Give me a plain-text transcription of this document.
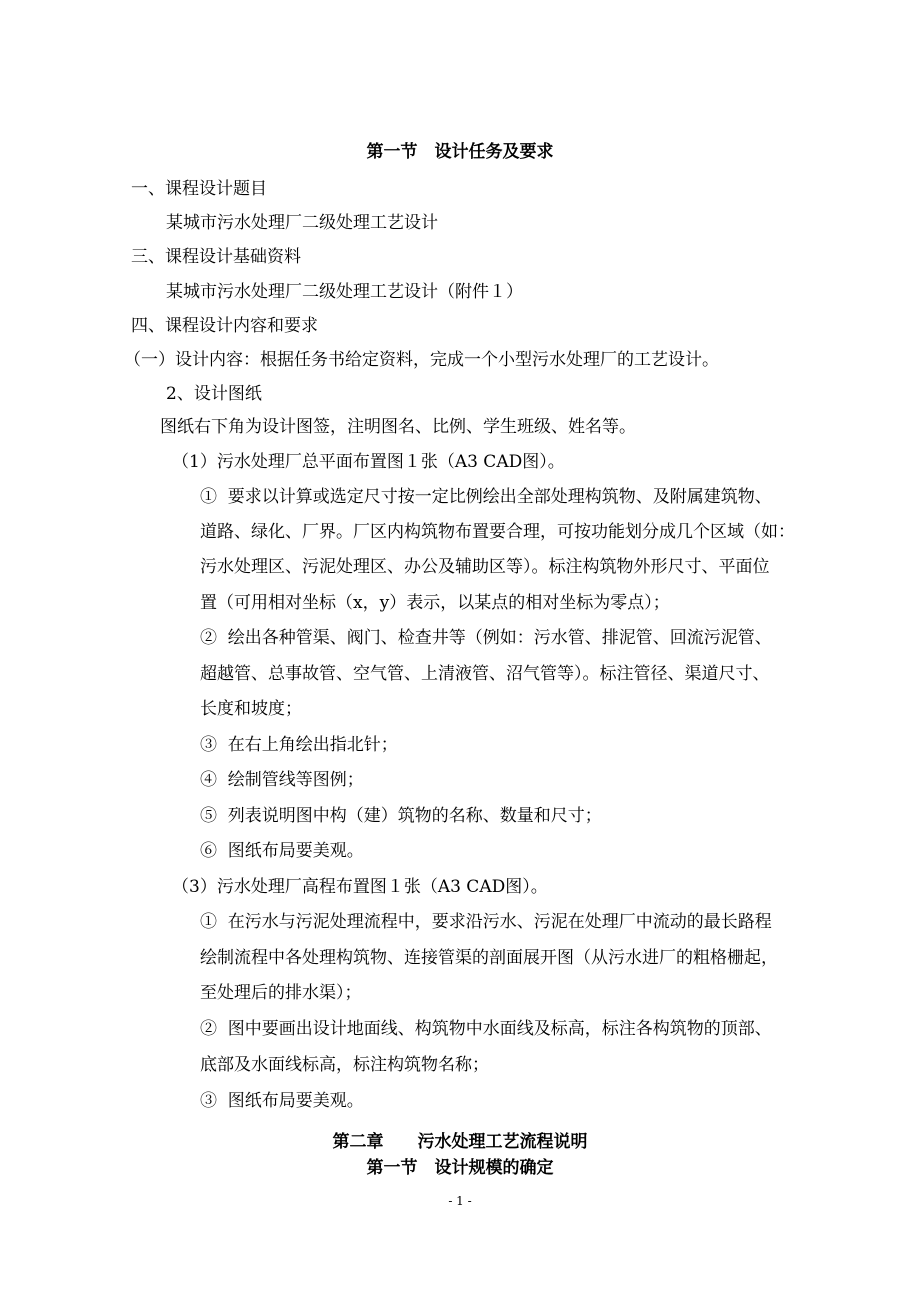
第一节　设计任务及要求
一、课程设计题目
某城市污水处理厂二级处理工艺设计
三、课程设计基础资料
某城市污水处理厂二级处理工艺设计（附件１）
四、课程设计内容和要求
（一）设计内容：根据任务书给定资料，完成一个小型污水处理厂的工艺设计。
2、设计图纸
图纸右下角为设计图签，注明图名、比例、学生班级、姓名等。
（1）污水处理厂总平面布置图１张（A3 CAD图）。
①  要求以计算或选定尺寸按一定比例绘出全部处理构筑物、及附属建筑物、
道路、绿化、厂界。厂区内构筑物布置要合理，可按功能划分成几个区域（如：
污水处理区、污泥处理区、办公及辅助区等）。标注构筑物外形尺寸、平面位
置（可用相对坐标（x，y）表示，以某点的相对坐标为零点）；
②  绘出各种管渠、阀门、检查井等（例如：污水管、排泥管、回流污泥管、
超越管、总事故管、空气管、上清液管、沼气管等）。标注管径、渠道尺寸、
长度和坡度；
③  在右上角绘出指北针；
④  绘制管线等图例；
⑤  列表说明图中构（建）筑物的名称、数量和尺寸；
⑥  图纸布局要美观。
（3）污水处理厂高程布置图１张（A3 CAD图）。
①  在污水与污泥处理流程中，要求沿污水、污泥在处理厂中流动的最长路程
绘制流程中各处理构筑物、连接管渠的剖面展开图（从污水进厂的粗格栅起，
至处理后的排水渠）；
②  图中要画出设计地面线、构筑物中水面线及标高，标注各构筑物的顶部、
底部及水面线标高，标注构筑物名称；
③  图纸布局要美观。
第二章　　污水处理工艺流程说明
第一节　设计规模的确定
- 1 -
